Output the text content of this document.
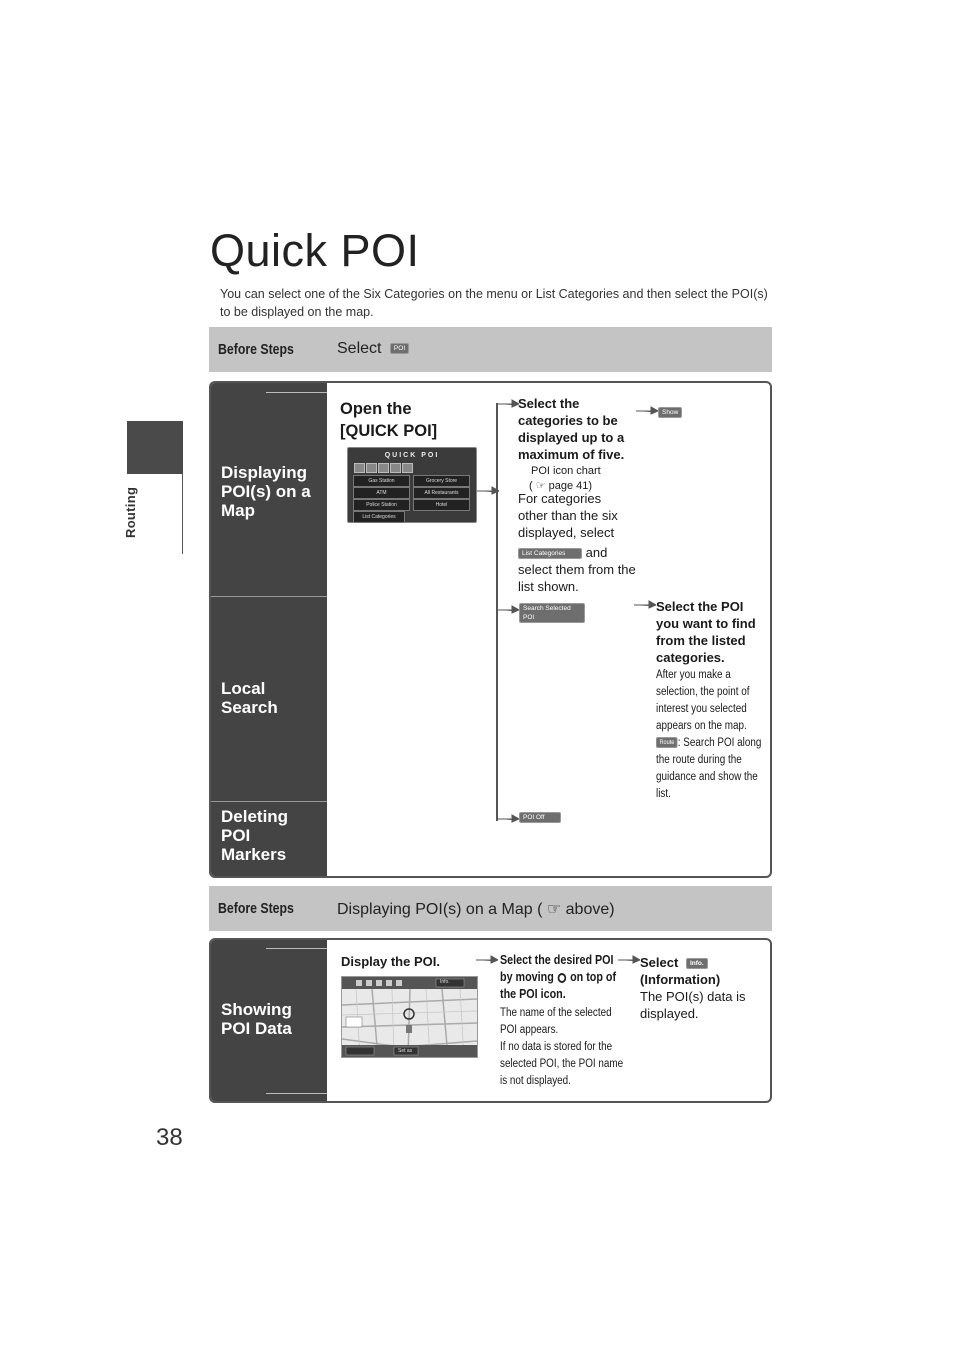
Routing
38
Quick POI
You can select one of the Six Categories on the menu or List Categories and then select the POI(s) to be displayed on the map.
Before Steps	Select POI
Displaying POI(s) on a Map
Local Search
Deleting POI Markers
Open the [QUICK POI]
QUICK POI
Gas Station	Grocery Store
ATM	All Restaurants
Police Station	Hotel
List Categories
Select the categories to be displayed up to a maximum of five.
POI icon chart
( ☞ page 41)
For categories other than the six displayed, select
List Categories and select them from the list shown.
Show
Search Selected POI
Select the POI you want to find from the listed categories.
After you make a selection, the point of interest you selected appears on the map.
Route : Search POI along the route during the guidance and show the list.
POI Off
Before Steps	Displaying POI(s) on a Map ( ☞ above)
Showing POI Data
Display the POI.
Info.
Set as
Select the desired POI by moving on top of the POI icon.
The name of the selected POI appears.
If no data is stored for the selected POI, the POI name is not displayed.
Select Info.
(Information)
The POI(s) data is displayed.
